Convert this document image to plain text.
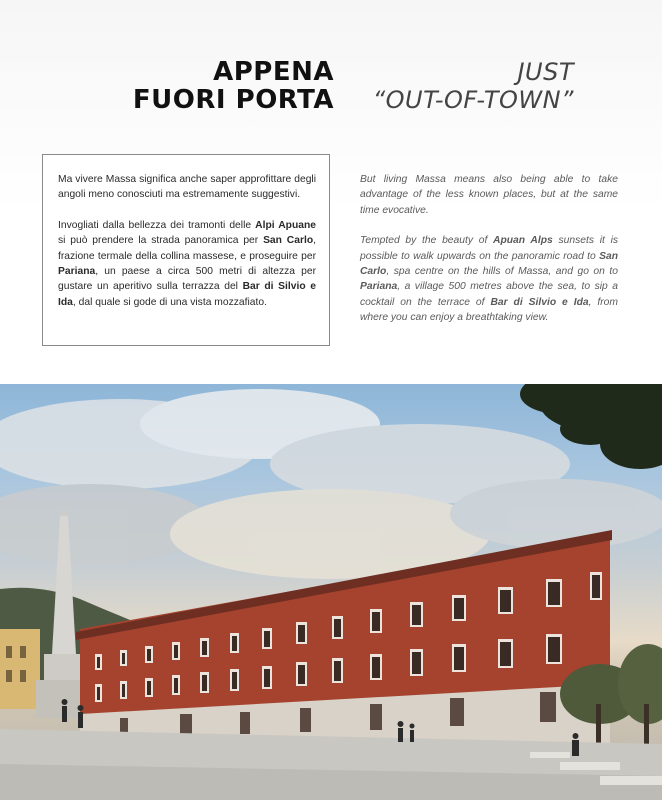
APPENA
FUORI PORTA
JUST
“OUT-OF-TOWN”

Ma vivere Massa significa anche saper approfittare degli angoli meno conosciuti ma estremamente suggestivi.

Invogliati dalla bellezza dei tramonti delle Alpi Apuane si può prendere la strada panoramica per San Carlo, frazione termale della collina massese, e proseguire per Pariana, un paese a circa 500 metri di altezza per gustare un aperitivo sulla terrazza del Bar di Silvio e Ida, dal quale si gode di una vista mozzafiato.

But living Massa means also being able to take advantage of the less known places, but at the same time evocative.

Tempted by the beauty of Apuan Alps sunsets it is possible to walk upwards on the panoramic road to San Carlo, spa centre on the hills of Massa, and go on to Pariana, a village 500 metres above the sea, to sip a cocktail on the terrace of Bar di Silvio e Ida, from where you can enjoy a breathtaking view.
